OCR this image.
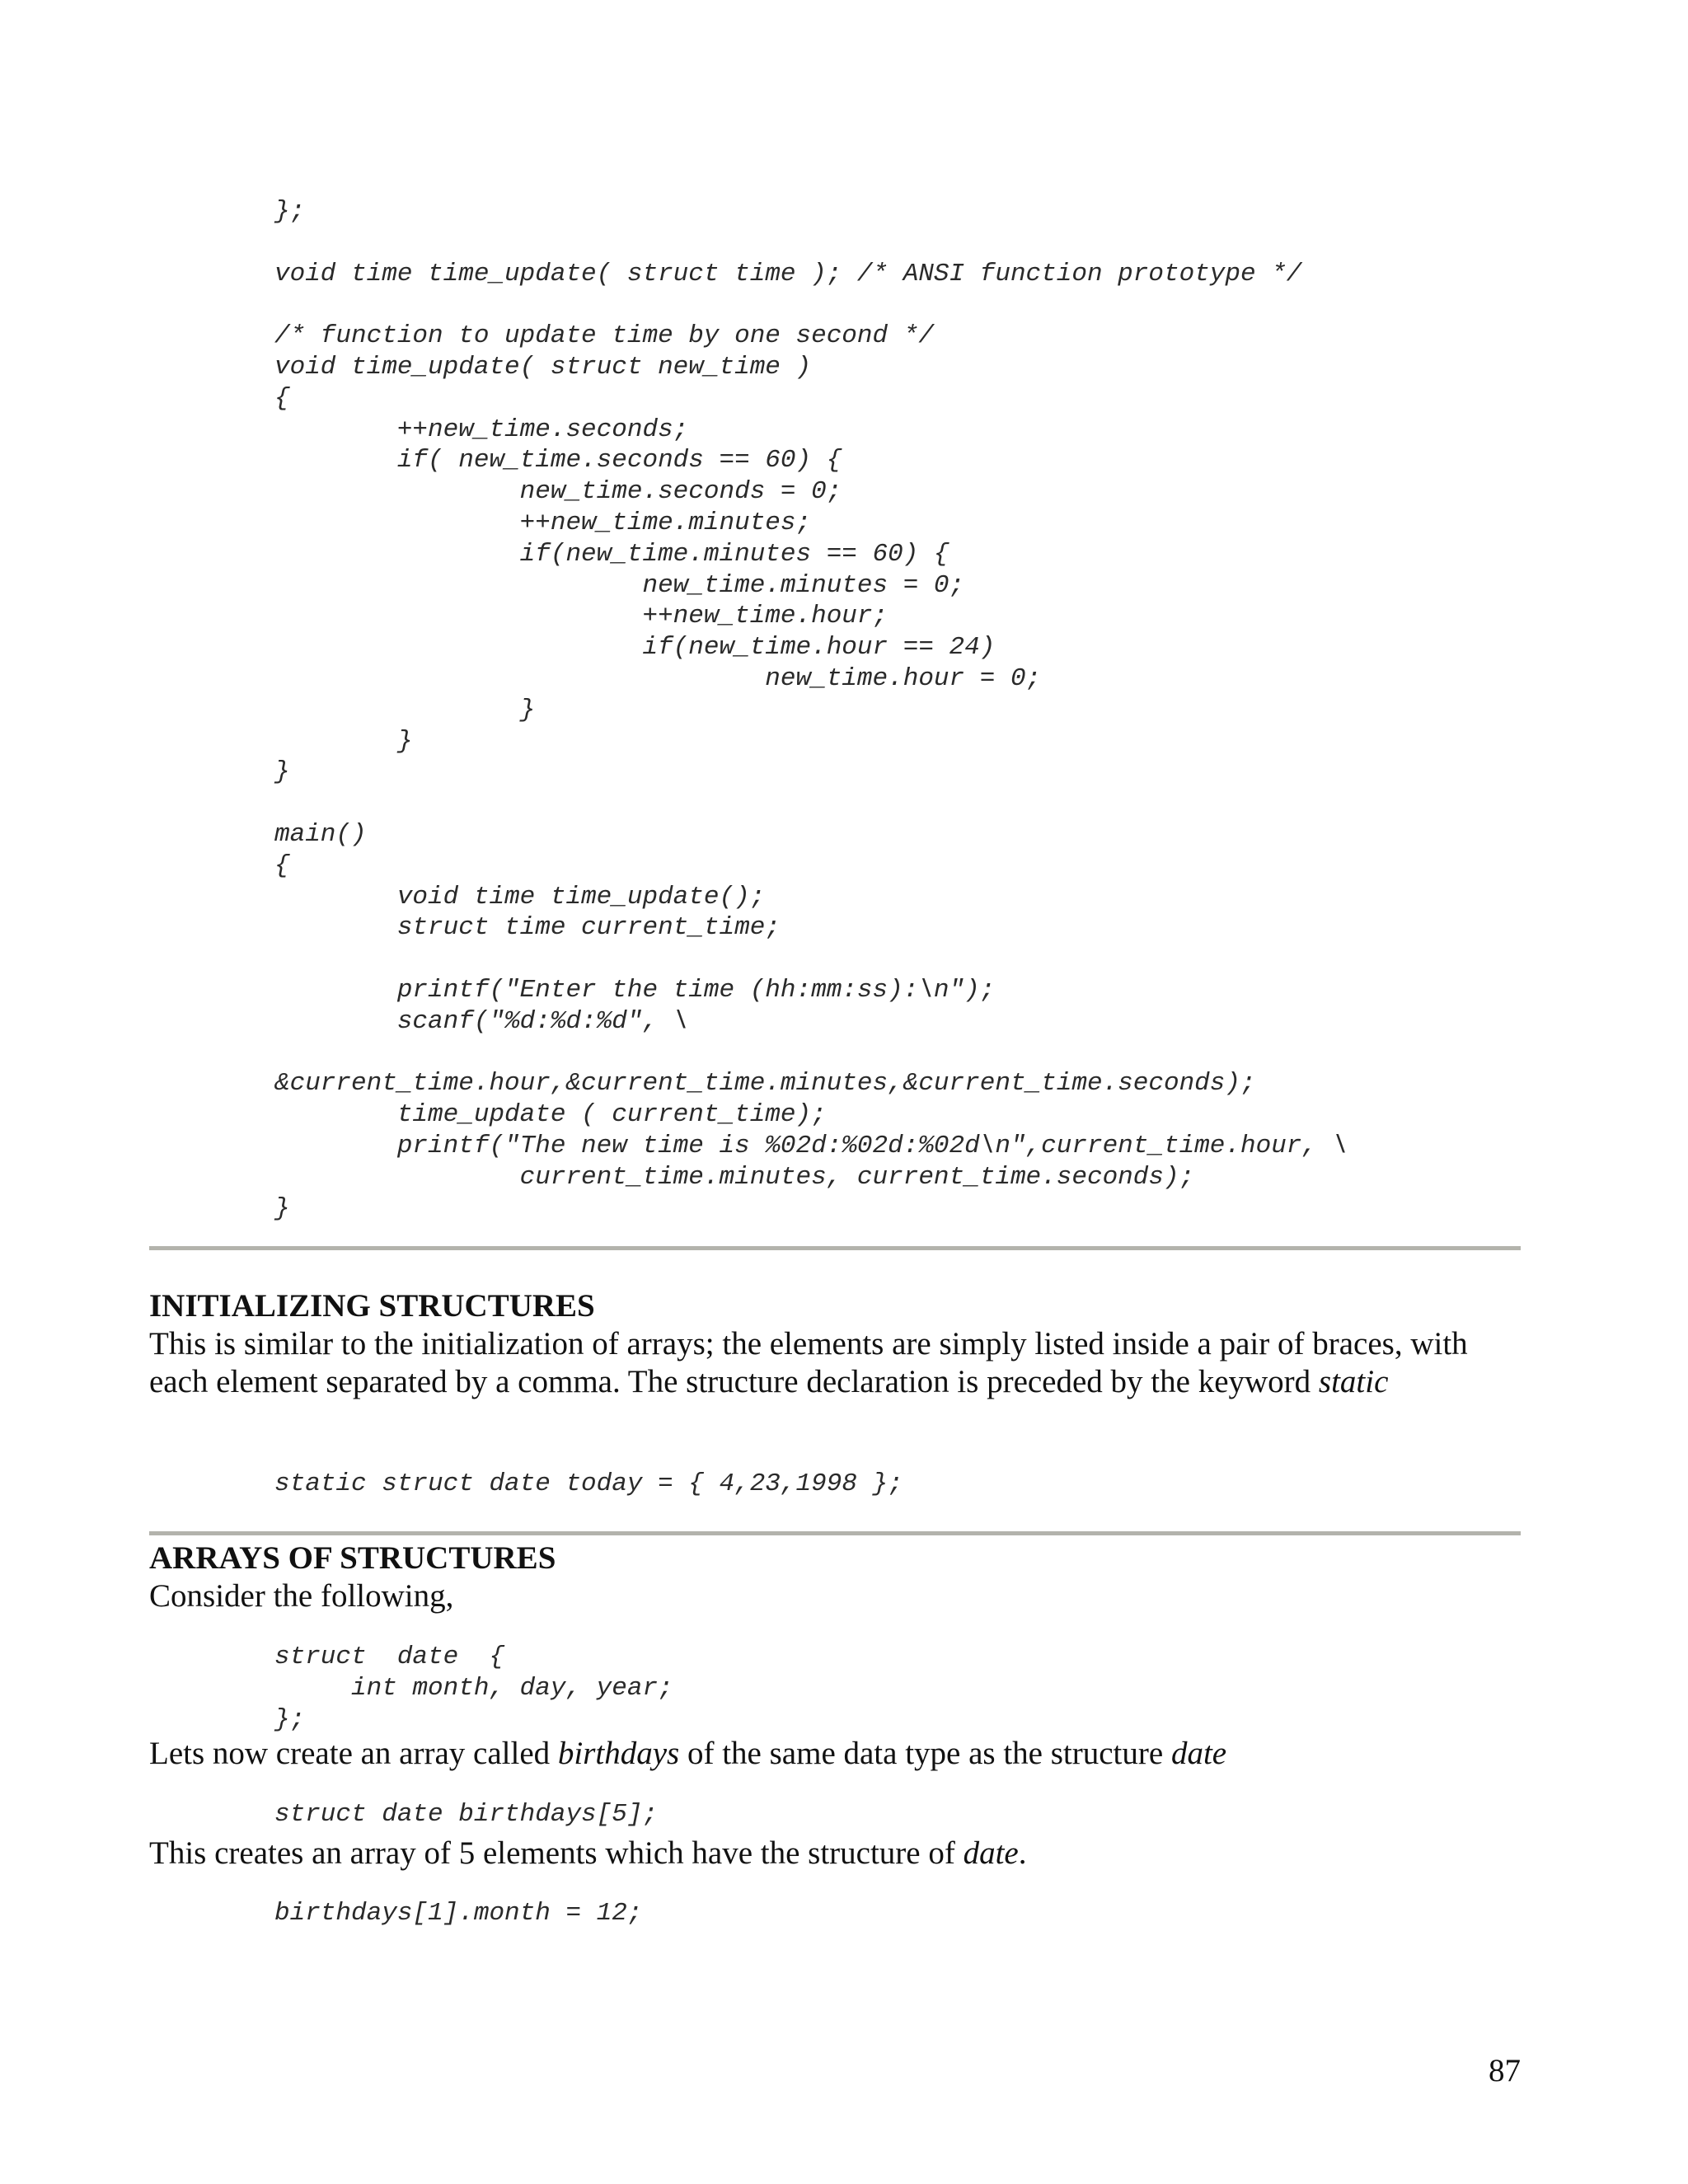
};

void time time_update( struct time ); /* ANSI function prototype */

/* function to update time by one second */
void time_update( struct new_time )
{
++new_time.seconds;
if( new_time.seconds == 60) {
new_time.seconds = 0;
++new_time.minutes;
if(new_time.minutes == 60) {
new_time.minutes = 0;
++new_time.hour;
if(new_time.hour == 24)
new_time.hour = 0;
}
}
}

main()
{
void time time_update();
struct time current_time;

printf("Enter the time (hh:mm:ss):\n");
scanf("%d:%d:%d", \

&current_time.hour,&current_time.minutes,&current_time.seconds);
time_update ( current_time);
printf("The new time is %02d:%02d:%02d\n",current_time.hour, \
current_time.minutes, current_time.seconds);
}
INITIALIZING STRUCTURES

This is similar to the initialization of arrays; the elements are simply listed inside a pair of braces, with

each element separated by a comma. The structure declaration is preceded by the keyword static

static struct date today = { 4,23,1998 };
ARRAYS OF STRUCTURES

Consider the following,

struct  date  {
int month, day, year;
};

Lets now create an array called birthdays of the same data type as the structure date

struct date birthdays[5];

This creates an array of 5 elements which have the structure of date.

birthdays[1].month = 12;

87
